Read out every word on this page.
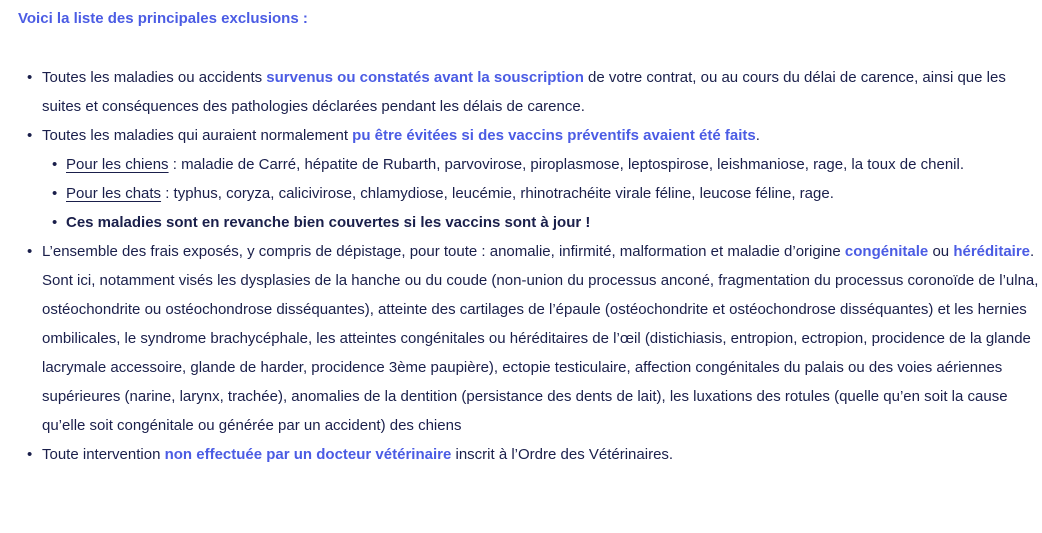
Voici la liste des principales exclusions :
• Toutes les maladies ou accidents survenus ou constatés avant la souscription de votre contrat, ou au cours du délai de carence, ainsi que les suites et conséquences des pathologies déclarées pendant les délais de carence.
• Toutes les maladies qui auraient normalement pu être évitées si des vaccins préventifs avaient été faits.
• Pour les chiens : maladie de Carré, hépatite de Rubarth, parvovirose, piroplasmose, leptospirose, leishmaniose, rage, la toux de chenil.
• Pour les chats : typhus, coryza, calicivirose, chlamydiose, leucémie, rhinotrachéite virale féline, leucose féline, rage.
• Ces maladies sont en revanche bien couvertes si les vaccins sont à jour !
• L’ensemble des frais exposés, y compris de dépistage, pour toute : anomalie, infirmité, malformation et maladie d’origine congénitale ou héréditaire. Sont ici, notamment visés les dysplasies de la hanche ou du coude (non-union du processus anconé, fragmentation du processus coronoïde de l’ulna, ostéochondrite ou ostéochondrose disséquantes), atteinte des cartilages de l’épaule (ostéochondrite et ostéochondrose disséquantes) et les hernies ombilicales, le syndrome brachycéphale, les atteintes congénitales ou héréditaires de l’œil (distichiasis, entropion, ectropion, procidence de la glande lacrymale accessoire, glande de harder, procidence 3ème paupière), ectopie testiculaire, affection congénitales du palais ou des voies aériennes supérieures (narine, larynx, trachée), anomalies de la dentition (persistance des dents de lait), les luxations des rotules (quelle qu’en soit la cause qu’elle soit congénitale ou générée par un accident) des chiens
• Toute intervention non effectuée par un docteur vétérinaire inscrit à l’Ordre des Vétérinaires.
